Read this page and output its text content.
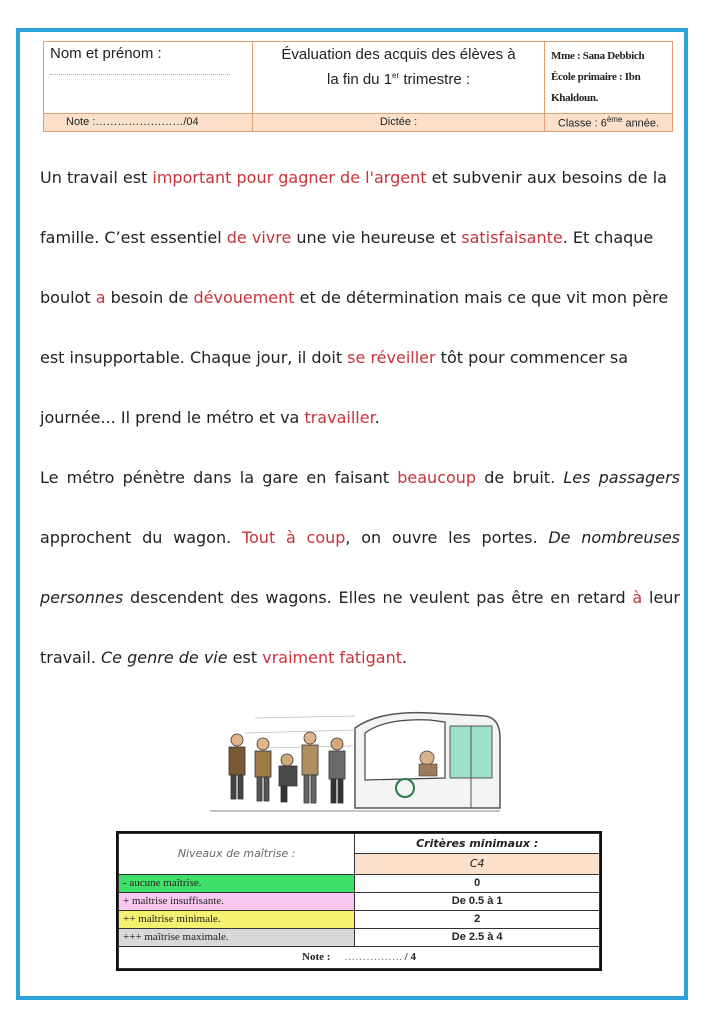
Nom et prénom :	Évaluation des acquis des élèves à
la fin du 1er trimestre :	Mme : Sana Debbich
École primaire : Ibn Khaldoun.
Note :……………………/04	Dictée :	Classe : 6ème année.
Un travail est important pour gagner de l'argent et subvenir aux besoins de la
famille. C’est essentiel de vivre une vie heureuse et satisfaisante. Et chaque
boulot a besoin de dévouement et de détermination mais ce que vit mon père
est insupportable. Chaque jour, il doit se réveiller tôt pour commencer sa
journée... Il prend le métro et va travailler.
Le métro pénètre dans la gare en faisant beaucoup de bruit. Les passagers
approchent du wagon. Tout à coup, on ouvre les portes. De nombreuses
personnes descendent des wagons. Elles ne veulent pas être en retard à leur
travail. Ce genre de vie est vraiment fatigant.
Niveaux de maîtrise :	Critères minimaux :
	C4
- aucune maîtrise.	0
+ maîtrise insuffisante.	De 0.5 à 1
++ maîtrise minimale.	2
+++ maîtrise maximale.	De 2.5 à 4
Note : ……………. / 4	
